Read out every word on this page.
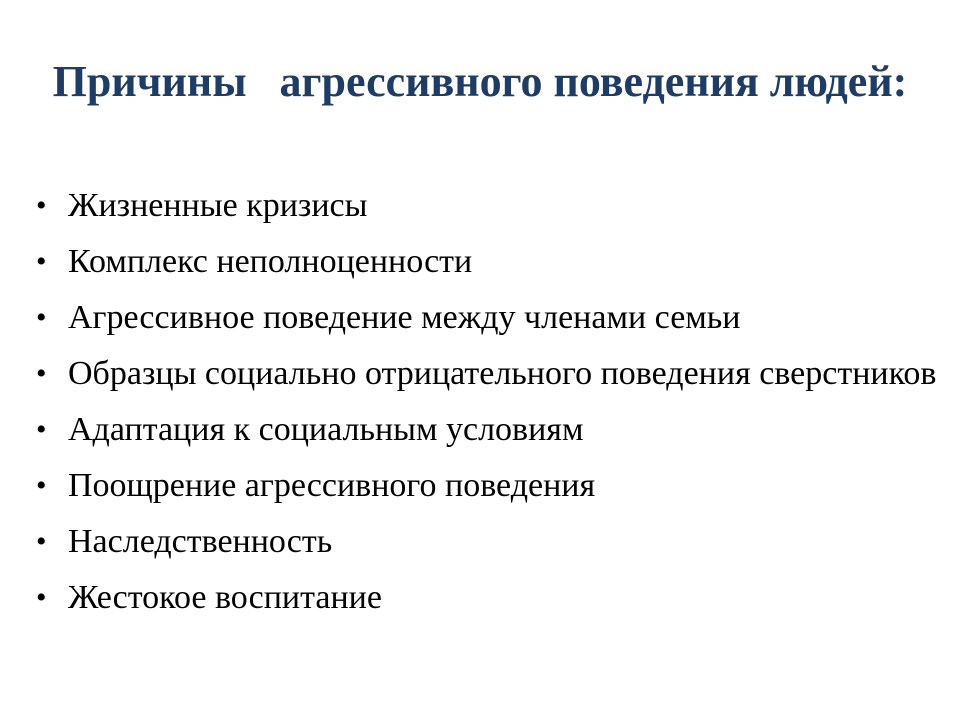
Причины   агрессивного поведения людей:
• Жизненные кризисы
• Комплекс неполноценности
• Агрессивное поведение между членами семьи
• Образцы социально отрицательного поведения сверстников
• Адаптация к социальным условиям
• Поощрение агрессивного поведения
• Наследственность
• Жестокое воспитание
